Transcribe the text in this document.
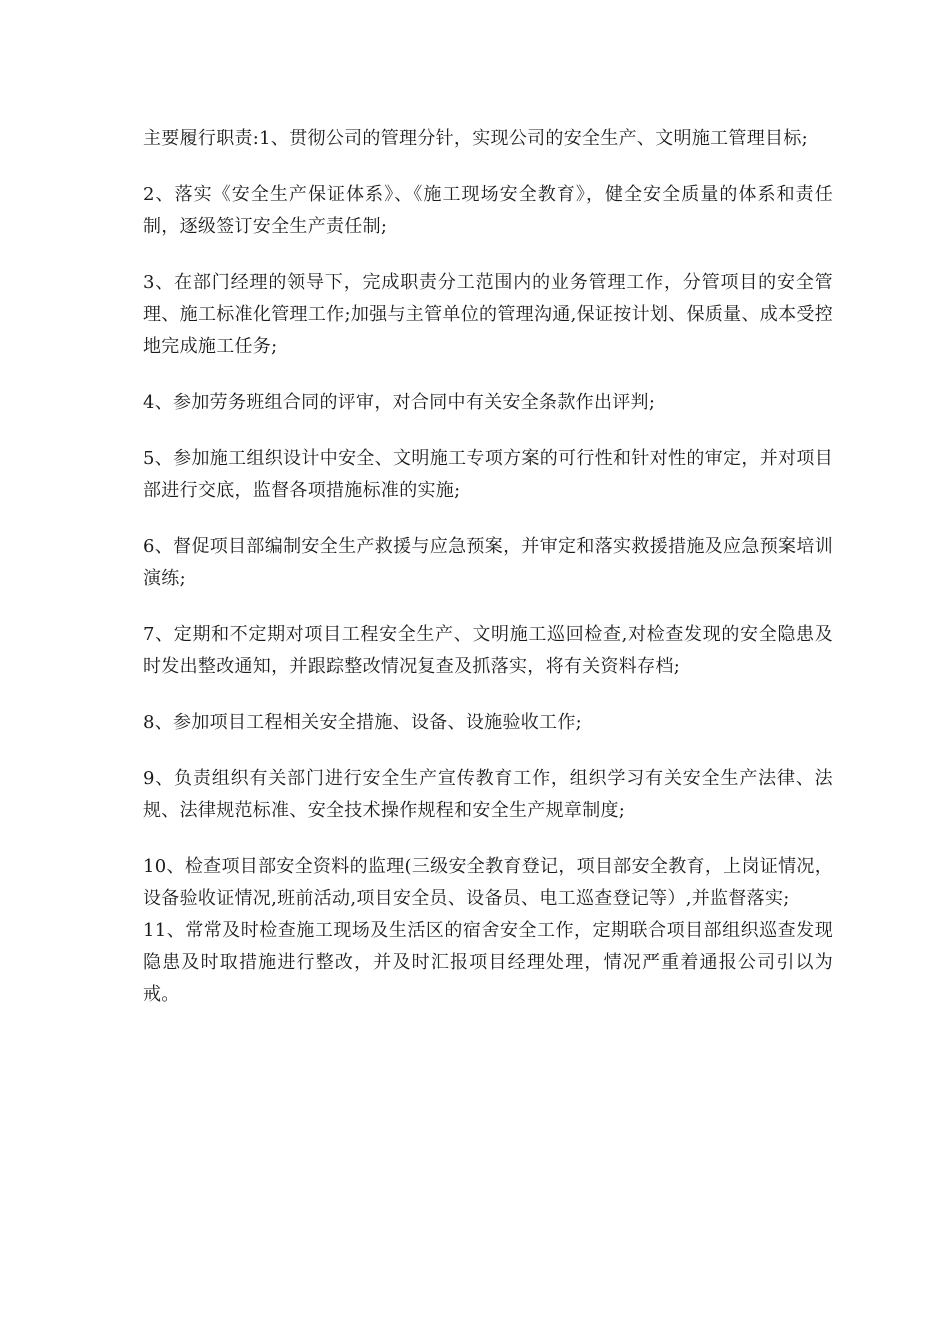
主要履行职责:1、贯彻公司的管理分针，实现公司的安全生产、文明施工管理目标;

2、落实《安全生产保证体系》、《施工现场安全教育》，健全安全质量的体系和责任制，逐级签订安全生产责任制;

3、在部门经理的领导下，完成职责分工范围内的业务管理工作，分管项目的安全管理、施工标准化管理工作;加强与主管单位的管理沟通,保证按计划、保质量、成本受控地完成施工任务;

4、参加劳务班组合同的评审，对合同中有关安全条款作出评判;

5、参加施工组织设计中安全、文明施工专项方案的可行性和针对性的审定，并对项目部进行交底，监督各项措施标准的实施;

6、督促项目部编制安全生产救援与应急预案，并审定和落实救援措施及应急预案培训演练;

7、定期和不定期对项目工程安全生产、文明施工巡回检查,对检查发现的安全隐患及时发出整改通知，并跟踪整改情况复查及抓落实，将有关资料存档;

8、参加项目工程相关安全措施、设备、设施验收工作;

9、负责组织有关部门进行安全生产宣传教育工作，组织学习有关安全生产法律、法规、法律规范标准、安全技术操作规程和安全生产规章制度;

10、检查项目部安全资料的监理(三级安全教育登记，项目部安全教育，上岗证情况，设备验收证情况,班前活动,项目安全员、设备员、电工巡查登记等）,并监督落实;

11、常常及时检查施工现场及生活区的宿舍安全工作，定期联合项目部组织巡查发现隐患及时取措施进行整改，并及时汇报项目经理处理，情况严重着通报公司引以为戒。
